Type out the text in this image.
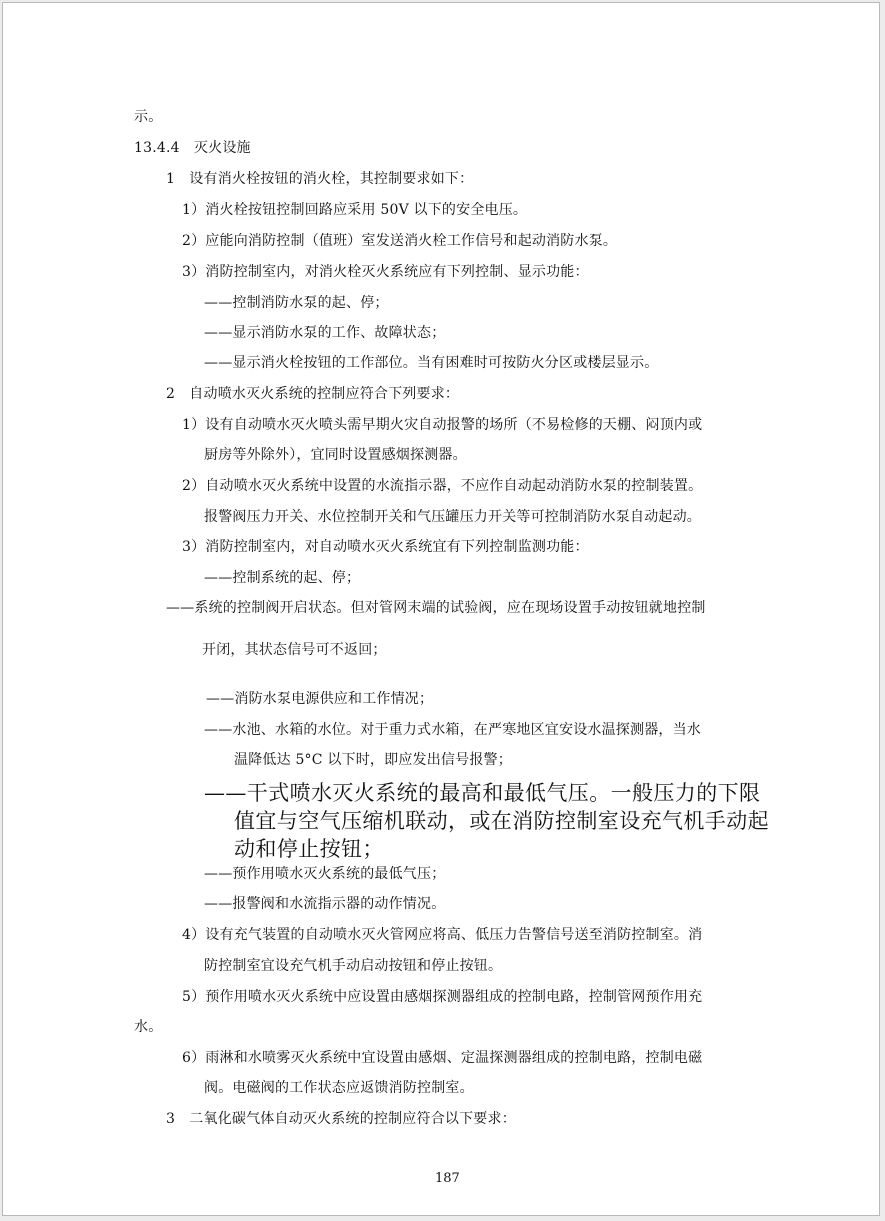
示。
13.4.4　灭火设施
1　设有消火栓按钮的消火栓，其控制要求如下：
1）消火栓按钮控制回路应采用 50V 以下的安全电压。
2）应能向消防控制（值班）室发送消火栓工作信号和起动消防水泵。
3）消防控制室内，对消火栓灭火系统应有下列控制、显示功能：
——控制消防水泵的起、停；
——显示消防水泵的工作、故障状态；
——显示消火栓按钮的工作部位。当有困难时可按防火分区或楼层显示。
2　自动喷水灭火系统的控制应符合下列要求：
1）设有自动喷水灭火喷头需早期火灾自动报警的场所（不易检修的天棚、闷顶内或
厨房等外除外），宜同时设置感烟探测器。
2）自动喷水灭火系统中设置的水流指示器，不应作自动起动消防水泵的控制装置。
报警阀压力开关、水位控制开关和气压罐压力开关等可控制消防水泵自动起动。
3）消防控制室内，对自动喷水灭火系统宜有下列控制监测功能：
——控制系统的起、停；
——系统的控制阀开启状态。但对管网末端的试验阀，应在现场设置手动按钮就地控制
开闭，其状态信号可不返回；
——消防水泵电源供应和工作情况；
——水池、水箱的水位。对于重力式水箱，在严寒地区宜安设水温探测器，当水
温降低达 5°C 以下时，即应发出信号报警；
——干式喷水灭火系统的最高和最低气压。一般压力的下限
值宜与空气压缩机联动，或在消防控制室设充气机手动起
动和停止按钮；
——预作用喷水灭火系统的最低气压；
——报警阀和水流指示器的动作情况。
4）设有充气装置的自动喷水灭火管网应将高、低压力告警信号送至消防控制室。消
防控制室宜设充气机手动启动按钮和停止按钮。
5）预作用喷水灭火系统中应设置由感烟探测器组成的控制电路，控制管网预作用充
水。
6）雨淋和水喷雾灭火系统中宜设置由感烟、定温探测器组成的控制电路，控制电磁
阀。电磁阀的工作状态应返馈消防控制室。
3　二氧化碳气体自动灭火系统的控制应符合以下要求：
187
